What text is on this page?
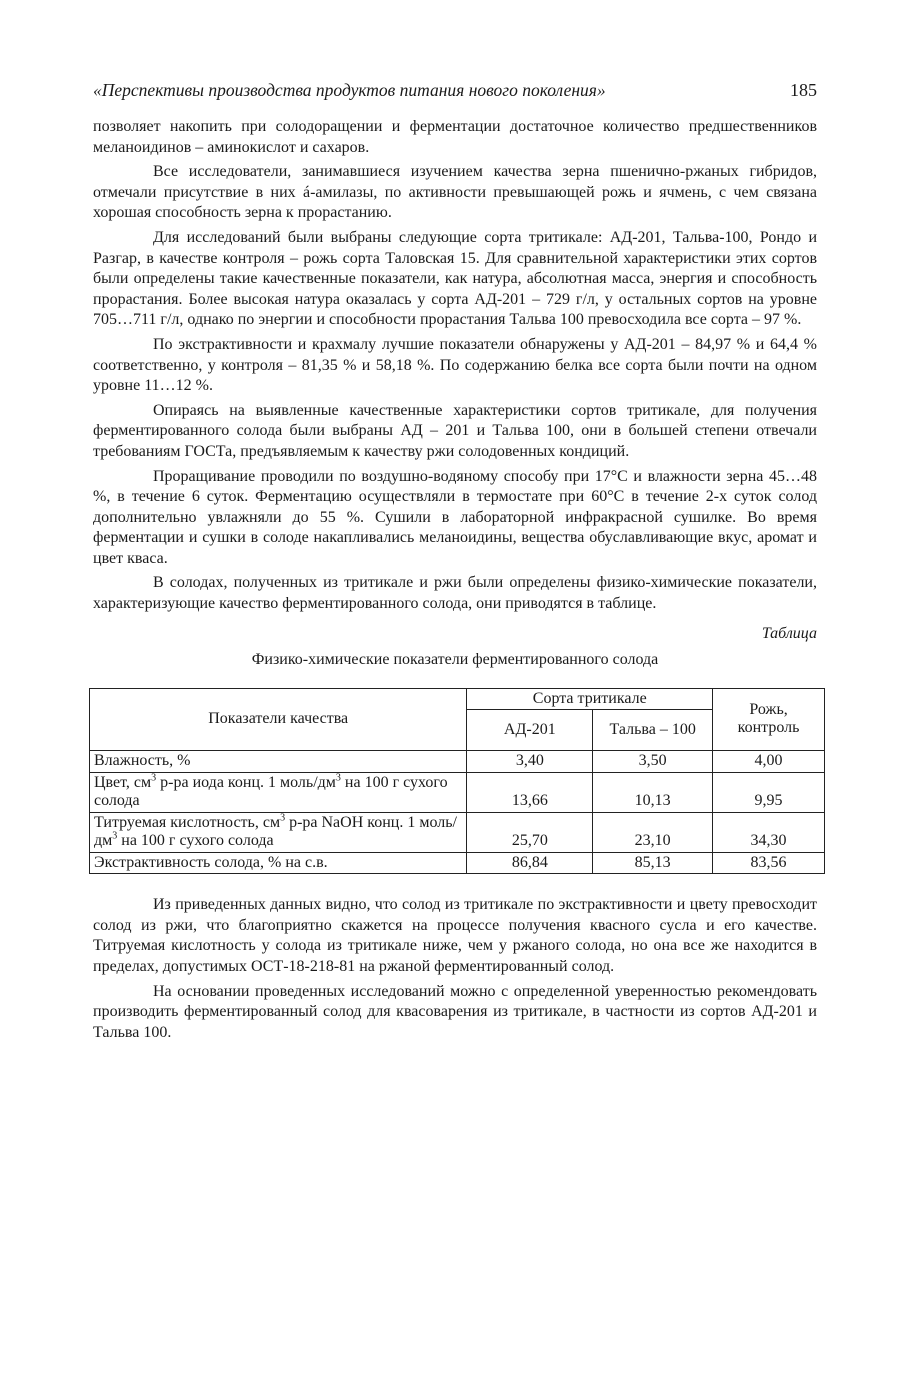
«Перспективы производства продуктов питания нового поколения»	185

позволяет накопить при солодоращении и ферментации достаточное количество предшественников меланоидинов – аминокислот и сахаров.

Все исследователи, занимавшиеся изучением качества зерна пшенично-ржаных гибридов, отмечали присутствие в них á-амилазы, по активности превышающей рожь и ячмень, с чем связана хорошая способность зерна к прорастанию.

Для исследований были выбраны следующие сорта тритикале: АД-201, Тальва-100, Рондо и Разгар, в качестве контроля – рожь сорта Таловская 15. Для сравнительной характеристики этих сортов были определены такие качественные показатели, как натура, абсолютная масса, энергия и способность прорастания. Более высокая натура оказалась у сорта АД-201 – 729 г/л, у остальных сортов на уровне 705…711 г/л, однако по энергии и способности прорастания Тальва 100 превосходила все сорта – 97 %.

По экстрактивности и крахмалу лучшие показатели обнаружены у АД-201 – 84,97 % и 64,4 % соответственно, у контроля – 81,35 % и 58,18 %. По содержанию белка все сорта были почти на одном уровне 11…12 %.

Опираясь на выявленные качественные характеристики сортов тритикале, для получения ферментированного солода были выбраны АД – 201 и Тальва 100, они в большей степени отвечали требованиям ГОСТа, предъявляемым к качеству ржи солодовенных кондиций.

Проращивание проводили по воздушно-водяному способу при 17°С и влажности зерна 45…48 %, в течение 6 суток. Ферментацию осуществляли в термостате при 60°С в течение 2-х суток солод дополнительно увлажняли до 55 %. Сушили в лабораторной инфракрасной сушилке. Во время ферментации и сушки в солоде накапливались меланоидины, вещества обуславливающие вкус, аромат и цвет кваса.

В солодах, полученных из тритикале и ржи были определены физико-химические показатели, характеризующие качество ферментированного солода, они приводятся в таблице.

Таблица
Физико-химические показатели ферментированного солода
Показатели качества	Сорта тритикале		Рожь, контроль
	АД-201	Тальва – 100	
Влажность, %	3,40	3,50	4,00
Цвет, $см^3$ р-ра иода конц. 1 моль/$дм^3$ на 100 г сухого солода	13,66	10,13	9,95
Титруемая кислотность, $см^3$ р-ра NaOH конц. 1 моль/$дм^3$ на 100 г сухого солода	25,70	23,10	34,30
Экстрактивность солода, % на с.в.	86,84	85,13	83,56

Из приведенных данных видно, что солод из тритикале по экстрактивности и цвету превосходит солод из ржи, что благоприятно скажется на процессе получения квасного сусла и его качестве. Титруемая кислотность у солода из тритикале ниже, чем у ржаного солода, но она все же находится в пределах, допустимых ОСТ-18-218-81 на ржаной ферментированный солод.

На основании проведенных исследований можно с определенной уверенностью рекомендовать производить ферментированный солод для квасоварения из тритикале, в частности из сортов АД-201 и Тальва 100.
